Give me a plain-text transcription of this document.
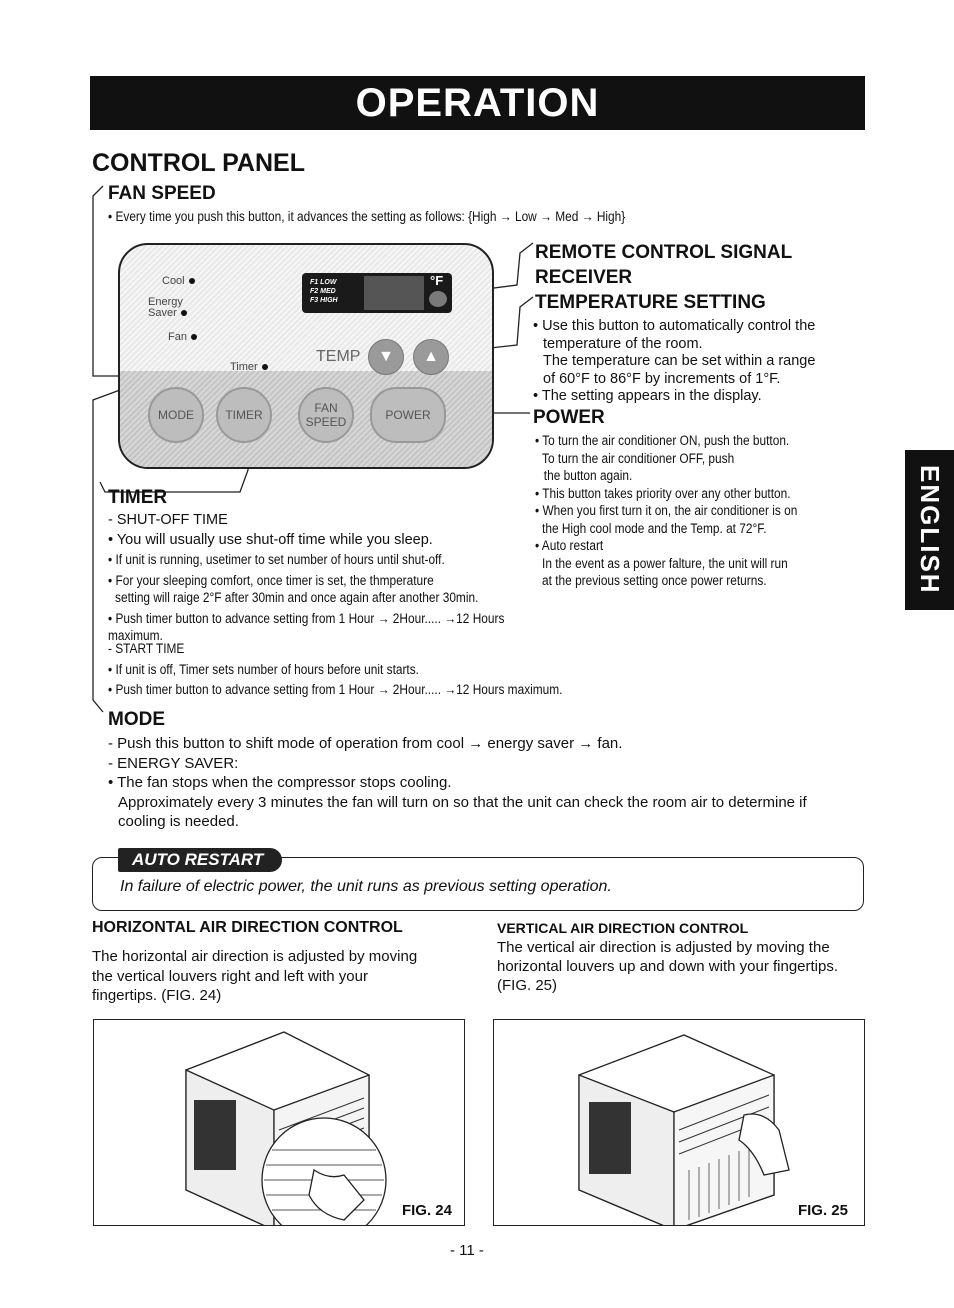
OPERATION
ENGLISH
CONTROL PANEL
FAN SPEED
• Every time you push this button, it advances the setting as follows: {High → Low → Med → High}
Cool
Energy Saver
Fan
Timer
TEMP
F1 LOW
F2 MED
F3 HIGH
°F
▼	▲
MODE	TIMER	FAN SPEED	POWER
REMOTE CONTROL SIGNAL
RECEIVER
TEMPERATURE SETTING
• Use this button to automatically control the
temperature of the room.
The temperature can be set within a range
of 60°F to 86°F by increments of 1°F.
• The setting appears in the display.
POWER
• To turn the air conditioner ON, push the button.
To turn the air conditioner OFF, push
the button again.
• This button takes priority over any other button.
• When you first turn it on, the air conditioner is on
the High cool mode and the Temp. at 72°F.
• Auto restart
In the event as a power falture, the unit will run
at the previous setting once power returns.
TIMER
- SHUT-OFF TIME
• You will usually use shut-off time while you sleep.
• If unit is running, usetimer to set number of hours until shut-off.
• For your sleeping comfort, once timer is set, the thmperature
setting will raige 2°F after 30min and once again after another 30min.
• Push timer button to advance setting from 1 Hour → 2Hour..... →12 Hours maximum.
- START TIME
• If unit is off, Timer sets number of hours before unit starts.
• Push timer button to advance setting from 1 Hour → 2Hour..... →12 Hours maximum.
MODE
- Push this button to shift mode of operation from cool → energy saver → fan.
- ENERGY SAVER:
• The fan stops when the compressor stops cooling.
Approximately every 3 minutes the fan will turn on so that the unit can check the room air to determine if
cooling is needed.
AUTO RESTART
In failure of electric power, the unit runs as previous setting operation.
HORIZONTAL AIR DIRECTION CONTROL
The horizontal air direction is adjusted by moving
the vertical louvers right and left with your
fingertips. (FIG. 24)
VERTICAL AIR DIRECTION CONTROL
The vertical air direction is adjusted by moving the
horizontal louvers up and down with your fingertips.
(FIG. 25)
FIG. 24	FIG. 25
- 11 -
